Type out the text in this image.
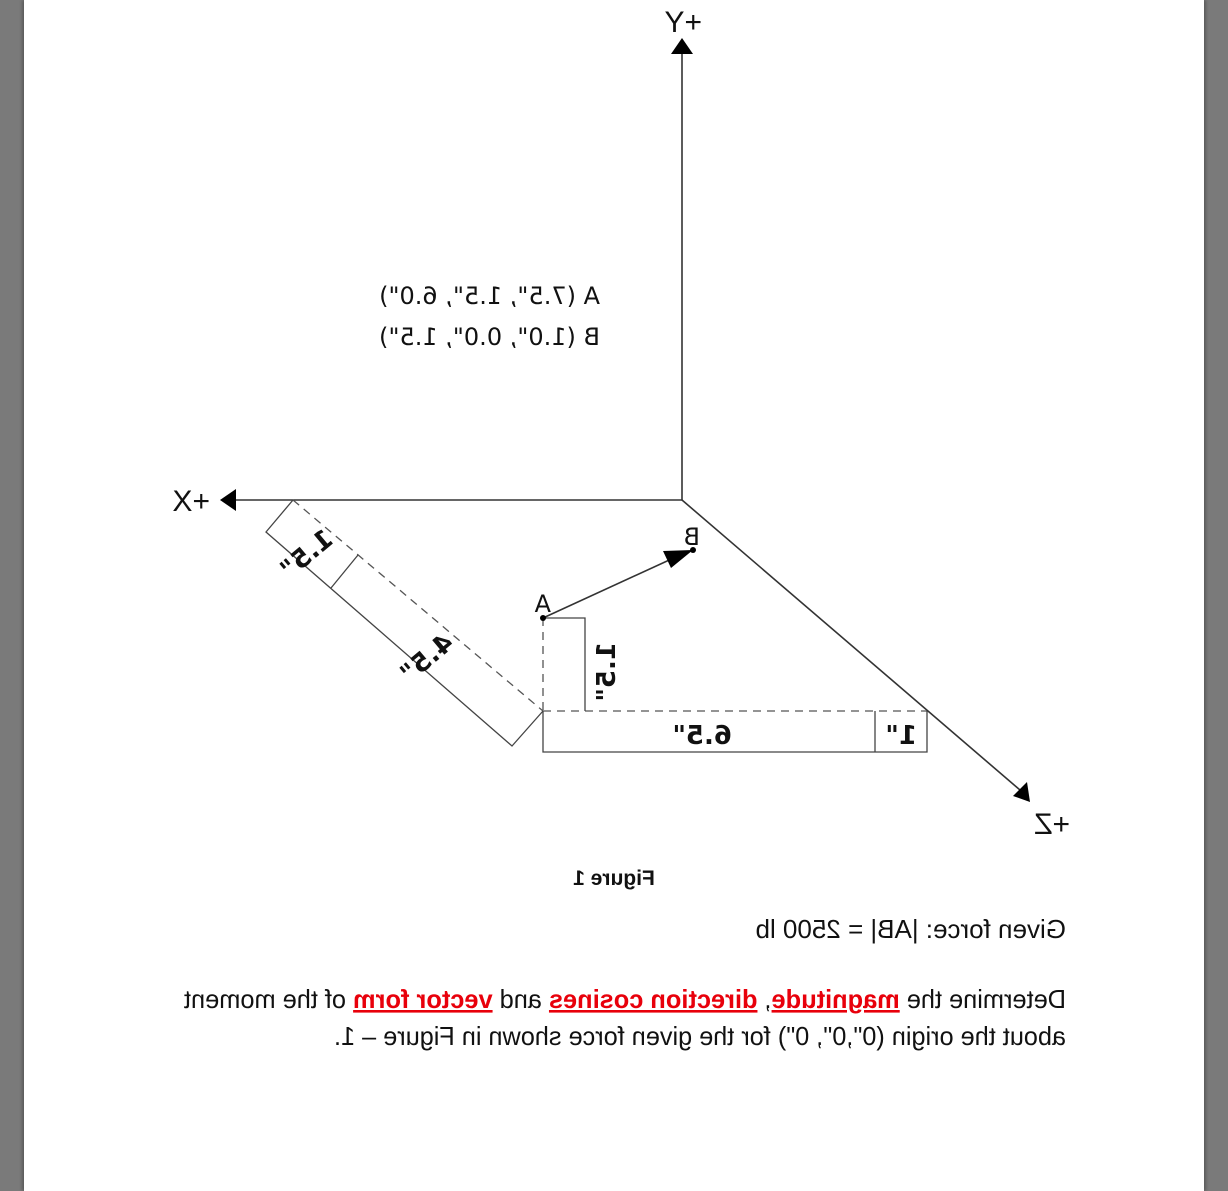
+Y
+X
+Z
A (7.5", 1.5", 6.0")
B (1.0", 0.0", 1.5")
A
B
1.5"
4.5"	1.5"
6.5"	1"
Figure 1
Given force: |AB| = 2500 lb
Determine the magnitude, direction cosines and vector form of the moment
about the origin (0",0", 0") for the given force shown in Figure – 1.
